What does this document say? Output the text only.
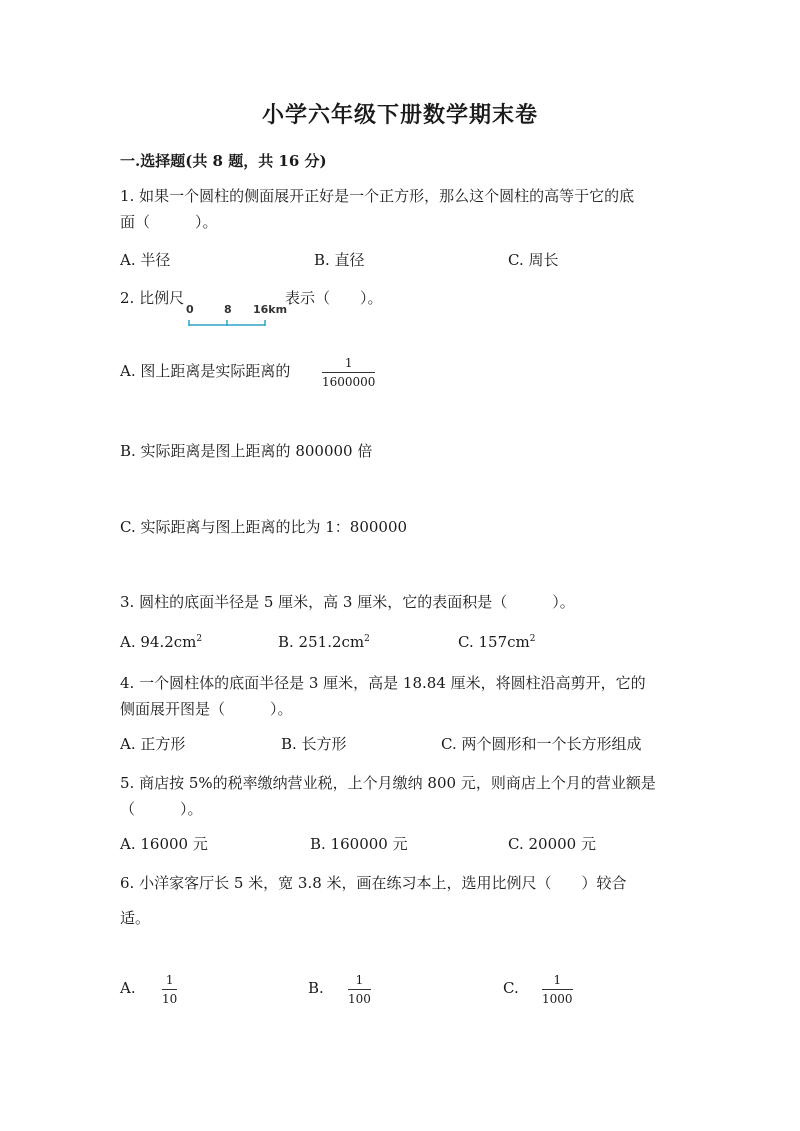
小学六年级下册数学期末卷
一.选择题(共 8 题，共 16 分)
1. 如果一个圆柱的侧面展开正好是一个正方形，那么这个圆柱的高等于它的底
面（　　　）。
A. 半径	B. 直径	C. 周长
2. 比例尺
0	8 16km
表示（　　）。
A. 图上距离是实际距离的	1
1600000
B. 实际距离是图上距离的 800000 倍
C. 实际距离与图上距离的比为 1：800000
3. 圆柱的底面半径是 5 厘米，高 3 厘米，它的表面积是（　　　）。
A. $94.2cm^2$	B. $251.2cm^2$	C. $157cm^2$
4. 一个圆柱体的底面半径是 3 厘米，高是 18.84 厘米，将圆柱沿高剪开，它的
侧面展开图是（　　　）。
A. 正方形	B. 长方形	C. 两个圆形和一个长方形组成
5. 商店按 5%的税率缴纳营业税，上个月缴纳 800 元，则商店上个月的营业额是
（　　　）。
A. 16000 元	B. 160000 元	C. 20000 元
6. 小洋家客厅长 5 米，宽 3.8 米，画在练习本上，选用比例尺（　　）较合
适。
A.	1
10
B.	1
100
C.	1
1000
